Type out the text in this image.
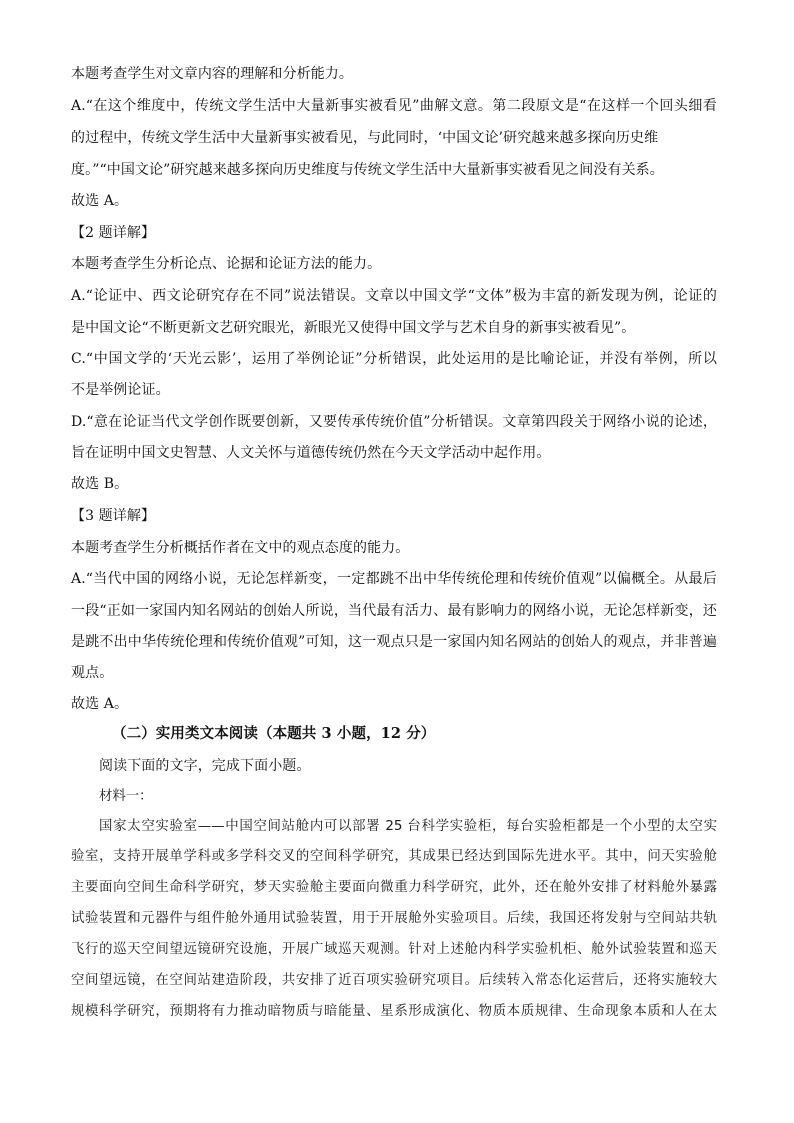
本题考查学生对文章内容的理解和分析能力。
A.“在这个维度中，传统文学生活中大量新事实被看见”曲解文意。第二段原文是“在这样一个回头细看
的过程中，传统文学生活中大量新事实被看见，与此同时，‘中国文论’研究越来越多探向历史维
度。”“中国文论”研究越来越多探向历史维度与传统文学生活中大量新事实被看见之间没有关系。
故选 A。
【2 题详解】
本题考查学生分析论点、论据和论证方法的能力。
A.“论证中、西文论研究存在不同”说法错误。文章以中国文学“文体”极为丰富的新发现为例，论证的
是中国文论“不断更新文艺研究眼光，新眼光又使得中国文学与艺术自身的新事实被看见”。
C.“中国文学的‘天光云影’，运用了举例论证”分析错误，此处运用的是比喻论证，并没有举例，所以
不是举例论证。
D.“意在论证当代文学创作既要创新，又要传承传统价值”分析错误。文章第四段关于网络小说的论述，
旨在证明中国文史智慧、人文关怀与道德传统仍然在今天文学活动中起作用。
故选 B。
【3 题详解】
本题考查学生分析概括作者在文中的观点态度的能力。
A.“当代中国的网络小说，无论怎样新变，一定都跳不出中华传统伦理和传统价值观”以偏概全。从最后
一段“正如一家国内知名网站的创始人所说，当代最有活力、最有影响力的网络小说，无论怎样新变，还
是跳不出中华传统伦理和传统价值观”可知，这一观点只是一家国内知名网站的创始人的观点，并非普遍
观点。
故选 A。
（二）实用类文本阅读（本题共 3 小题，12 分）
阅读下面的文字，完成下面小题。
材料一：
国家太空实验室——中国空间站舱内可以部署 25 台科学实验柜，每台实验柜都是一个小型的太空实
验室，支持开展单学科或多学科交叉的空间科学研究，其成果已经达到国际先进水平。其中，问天实验舱
主要面向空间生命科学研究，梦天实验舱主要面向微重力科学研究，此外，还在舱外安排了材料舱外暴露
试验装置和元器件与组件舱外通用试验装置，用于开展舱外实验项目。后续，我国还将发射与空间站共轨
飞行的巡天空间望远镜研究设施，开展广域巡天观测。针对上述舱内科学实验机柜、舱外试验装置和巡天
空间望远镜，在空间站建造阶段，共安排了近百项实验研究项目。后续转入常态化运营后，还将实施较大
规模科学研究，预期将有力推动暗物质与暗能量、星系形成演化、物质本质规律、生命现象本质和人在太
